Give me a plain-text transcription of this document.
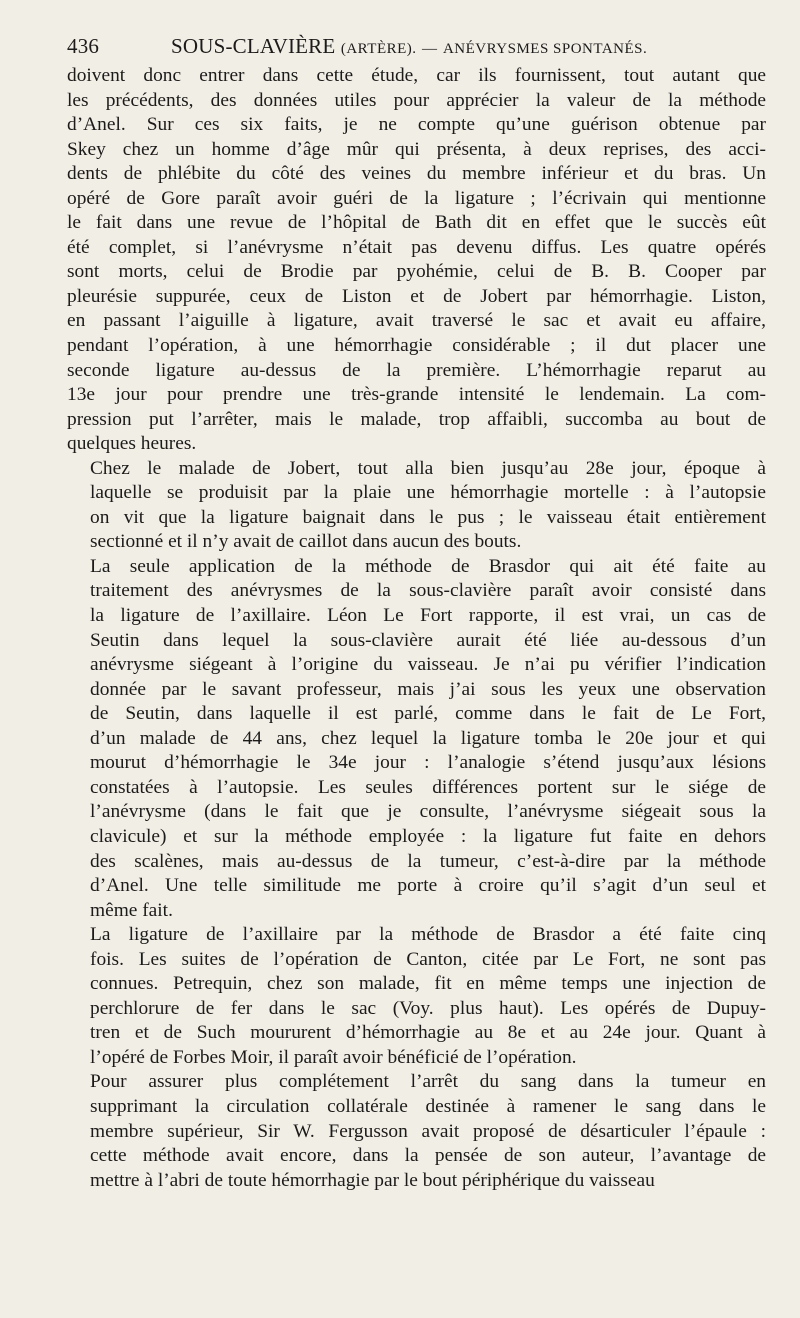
436	SOUS-CLAVIÈRE (ARTÈRE). — ANÉVRYSMES SPONTANÉS.

doivent donc entrer dans cette étude, car ils fournissent, tout autant que
les précédents, des données utiles pour apprécier la valeur de la méthode
d’Anel. Sur ces six faits, je ne compte qu’une guérison obtenue par
Skey chez un homme d’âge mûr qui présenta, à deux reprises, des acci-
dents de phlébite du côté des veines du membre inférieur et du bras. Un
opéré de Gore paraît avoir guéri de la ligature ; l’écrivain qui mentionne
le fait dans une revue de l’hôpital de Bath dit en effet que le succès eût
été complet, si l’anévrysme n’était pas devenu diffus. Les quatre opérés
sont morts, celui de Brodie par pyohémie, celui de B. B. Cooper par
pleurésie suppurée, ceux de Liston et de Jobert par hémorrhagie. Liston,
en passant l’aiguille à ligature, avait traversé le sac et avait eu affaire,
pendant l’opération, à une hémorrhagie considérable ; il dut placer une
seconde ligature au-dessus de la première. L’hémorrhagie reparut au
13e jour pour prendre une très-grande intensité le lendemain. La com-
pression put l’arrêter, mais le malade, trop affaibli, succomba au bout de
quelques heures.

Chez le malade de Jobert, tout alla bien jusqu’au 28e jour, époque à
laquelle se produisit par la plaie une hémorrhagie mortelle : à l’autopsie
on vit que la ligature baignait dans le pus ; le vaisseau était entièrement
sectionné et il n’y avait de caillot dans aucun des bouts.

La seule application de la méthode de Brasdor qui ait été faite au
traitement des anévrysmes de la sous-clavière paraît avoir consisté dans
la ligature de l’axillaire. Léon Le Fort rapporte, il est vrai, un cas de
Seutin dans lequel la sous-clavière aurait été liée au-dessous d’un
anévrysme siégeant à l’origine du vaisseau. Je n’ai pu vérifier l’indication
donnée par le savant professeur, mais j’ai sous les yeux une observation
de Seutin, dans laquelle il est parlé, comme dans le fait de Le Fort,
d’un malade de 44 ans, chez lequel la ligature tomba le 20e jour et qui
mourut d’hémorrhagie le 34e jour : l’analogie s’étend jusqu’aux lésions
constatées à l’autopsie. Les seules différences portent sur le siége de
l’anévrysme (dans le fait que je consulte, l’anévrysme siégeait sous la
clavicule) et sur la méthode employée : la ligature fut faite en dehors
des scalènes, mais au-dessus de la tumeur, c’est-à-dire par la méthode
d’Anel. Une telle similitude me porte à croire qu’il s’agit d’un seul et
même fait.

La ligature de l’axillaire par la méthode de Brasdor a été faite cinq
fois. Les suites de l’opération de Canton, citée par Le Fort, ne sont pas
connues. Petrequin, chez son malade, fit en même temps une injection de
perchlorure de fer dans le sac (Voy. plus haut). Les opérés de Dupuy-
tren et de Such moururent d’hémorrhagie au 8e et au 24e jour. Quant à
l’opéré de Forbes Moir, il paraît avoir bénéficié de l’opération.

Pour assurer plus complétement l’arrêt du sang dans la tumeur en
supprimant la circulation collatérale destinée à ramener le sang dans le
membre supérieur, Sir W. Fergusson avait proposé de désarticuler l’épaule :
cette méthode avait encore, dans la pensée de son auteur, l’avantage de
mettre à l’abri de toute hémorrhagie par le bout périphérique du vaisseau
